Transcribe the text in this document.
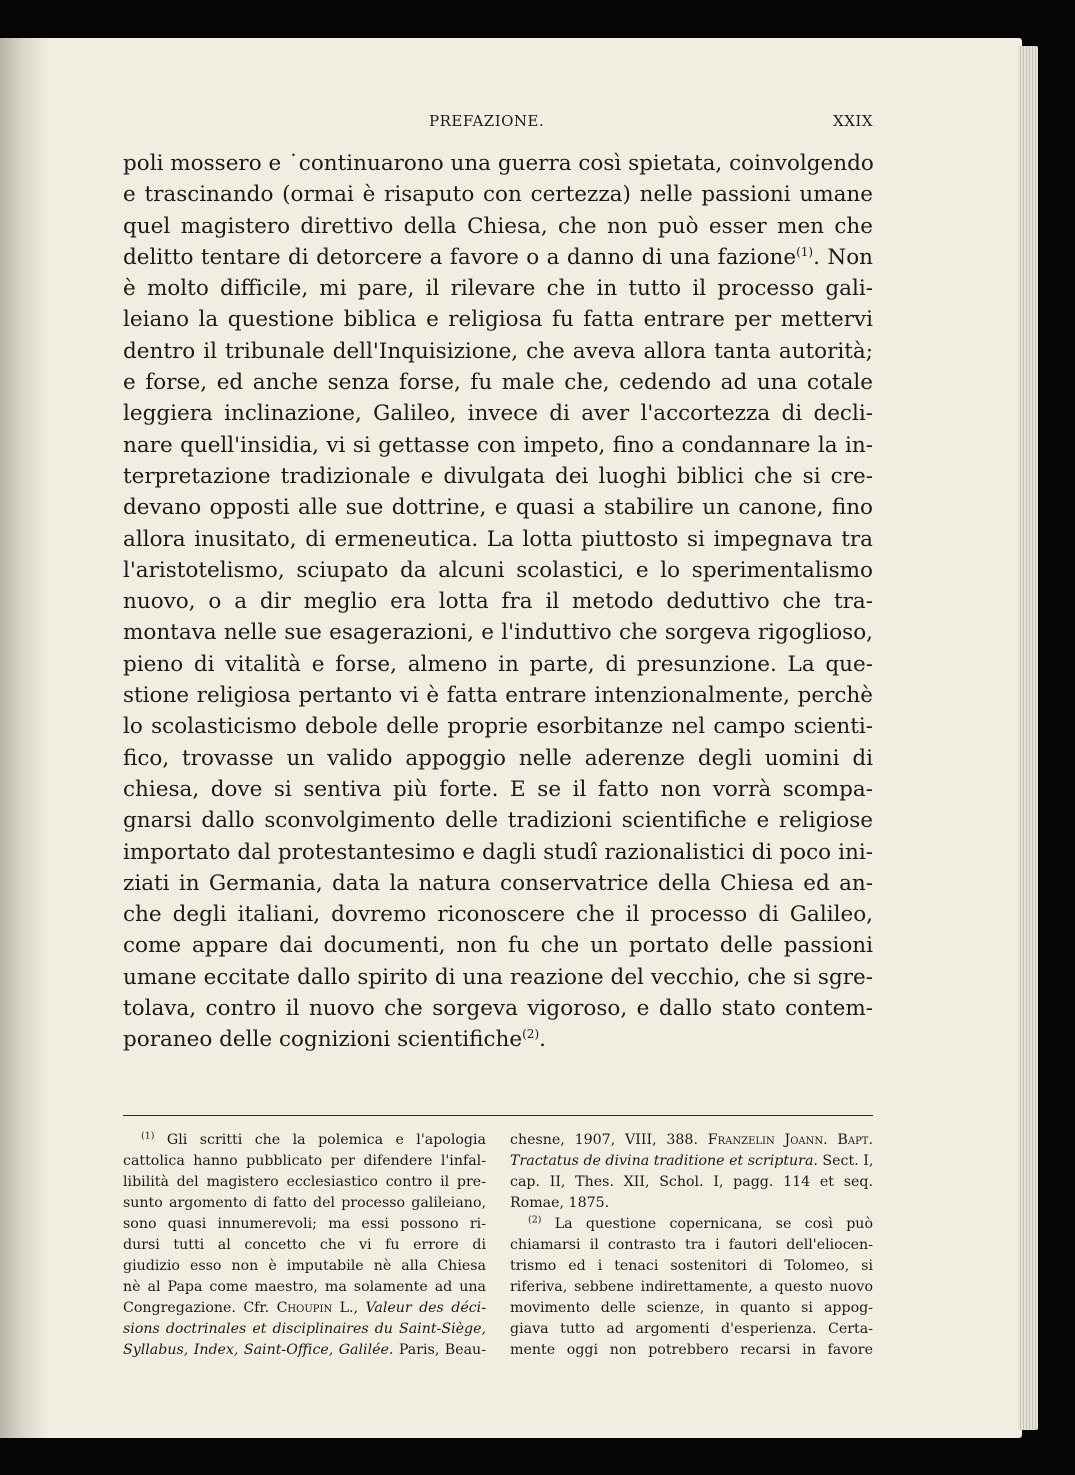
PREFAZIONE.	XXIX
poli mossero e ˙continuarono una guerra così spietata, coinvolgendo
e trascinando (ormai è risaputo con certezza) nelle passioni umane
quel magistero direttivo della Chiesa, che non può esser men che
delitto tentare di detorcere a favore o a danno di una fazione$^{(1)}$. Non
è molto difficile, mi pare, il rilevare che in tutto il processo gali-
leiano la questione biblica e religiosa fu fatta entrare per mettervi
dentro il tribunale dell'Inquisizione, che aveva allora tanta autorità;
e forse, ed anche senza forse, fu male che, cedendo ad una cotale
leggiera inclinazione, Galileo, invece di aver l'accortezza di decli-
nare quell'insidia, vi si gettasse con impeto, fino a condannare la in-
terpretazione tradizionale e divulgata dei luoghi biblici che si cre-
devano opposti alle sue dottrine, e quasi a stabilire un canone, fino
allora inusitato, di ermeneutica. La lotta piuttosto si impegnava tra
l'aristotelismo, sciupato da alcuni scolastici, e lo sperimentalismo
nuovo, o a dir meglio era lotta fra il metodo deduttivo che tra-
montava nelle sue esagerazioni, e l'induttivo che sorgeva rigoglioso,
pieno di vitalità e forse, almeno in parte, di presunzione. La que-
stione religiosa pertanto vi è fatta entrare intenzionalmente, perchè
lo scolasticismo debole delle proprie esorbitanze nel campo scienti-
fico, trovasse un valido appoggio nelle aderenze degli uomini di
chiesa, dove si sentiva più forte. E se il fatto non vorrà scompa-
gnarsi dallo sconvolgimento delle tradizioni scientifiche e religiose
importato dal protestantesimo e dagli studî razionalistici di poco ini-
ziati in Germania, data la natura conservatrice della Chiesa ed an-
che degli italiani, dovremo riconoscere che il processo di Galileo,
come appare dai documenti, non fu che un portato delle passioni
umane eccitate dallo spirito di una reazione del vecchio, che si sgre-
tolava, contro il nuovo che sorgeva vigoroso, e dallo stato contem-
poraneo delle cognizioni scientifiche$^{(2)}$.
$^{(1)}$ Gli scritti che la polemica e l'apologia
cattolica hanno pubblicato per difendere l'infal-
libilità del magistero ecclesiastico contro il pre-
sunto argomento di fatto del processo galileiano,
sono quasi innumerevoli; ma essi possono ri-
dursi tutti al concetto che vi fu errore di
giudizio esso non è imputabile nè alla Chiesa
nè al Papa come maestro, ma solamente ad una
Congregazione. Cfr. Choupin L., Valeur des déci-
sions doctrinales et disciplinaires du Saint-Siège,
Syllabus, Index, Saint-Office, Galilée. Paris, Beau-
chesne, 1907, VIII, 388. Franzelin Joann. Bapt.
Tractatus de divina traditione et scriptura. Sect. I,
cap. II, Thes. XII, Schol. I, pagg. 114 et seq.
Romae, 1875.
$^{(2)}$ La questione copernicana, se così può
chiamarsi il contrasto tra i fautori dell'eliocen-
trismo ed i tenaci sostenitori di Tolomeo, si
riferiva, sebbene indirettamente, a questo nuovo
movimento delle scienze, in quanto si appog-
giava tutto ad argomenti d'esperienza. Certa-
mente oggi non potrebbero recarsi in favore
